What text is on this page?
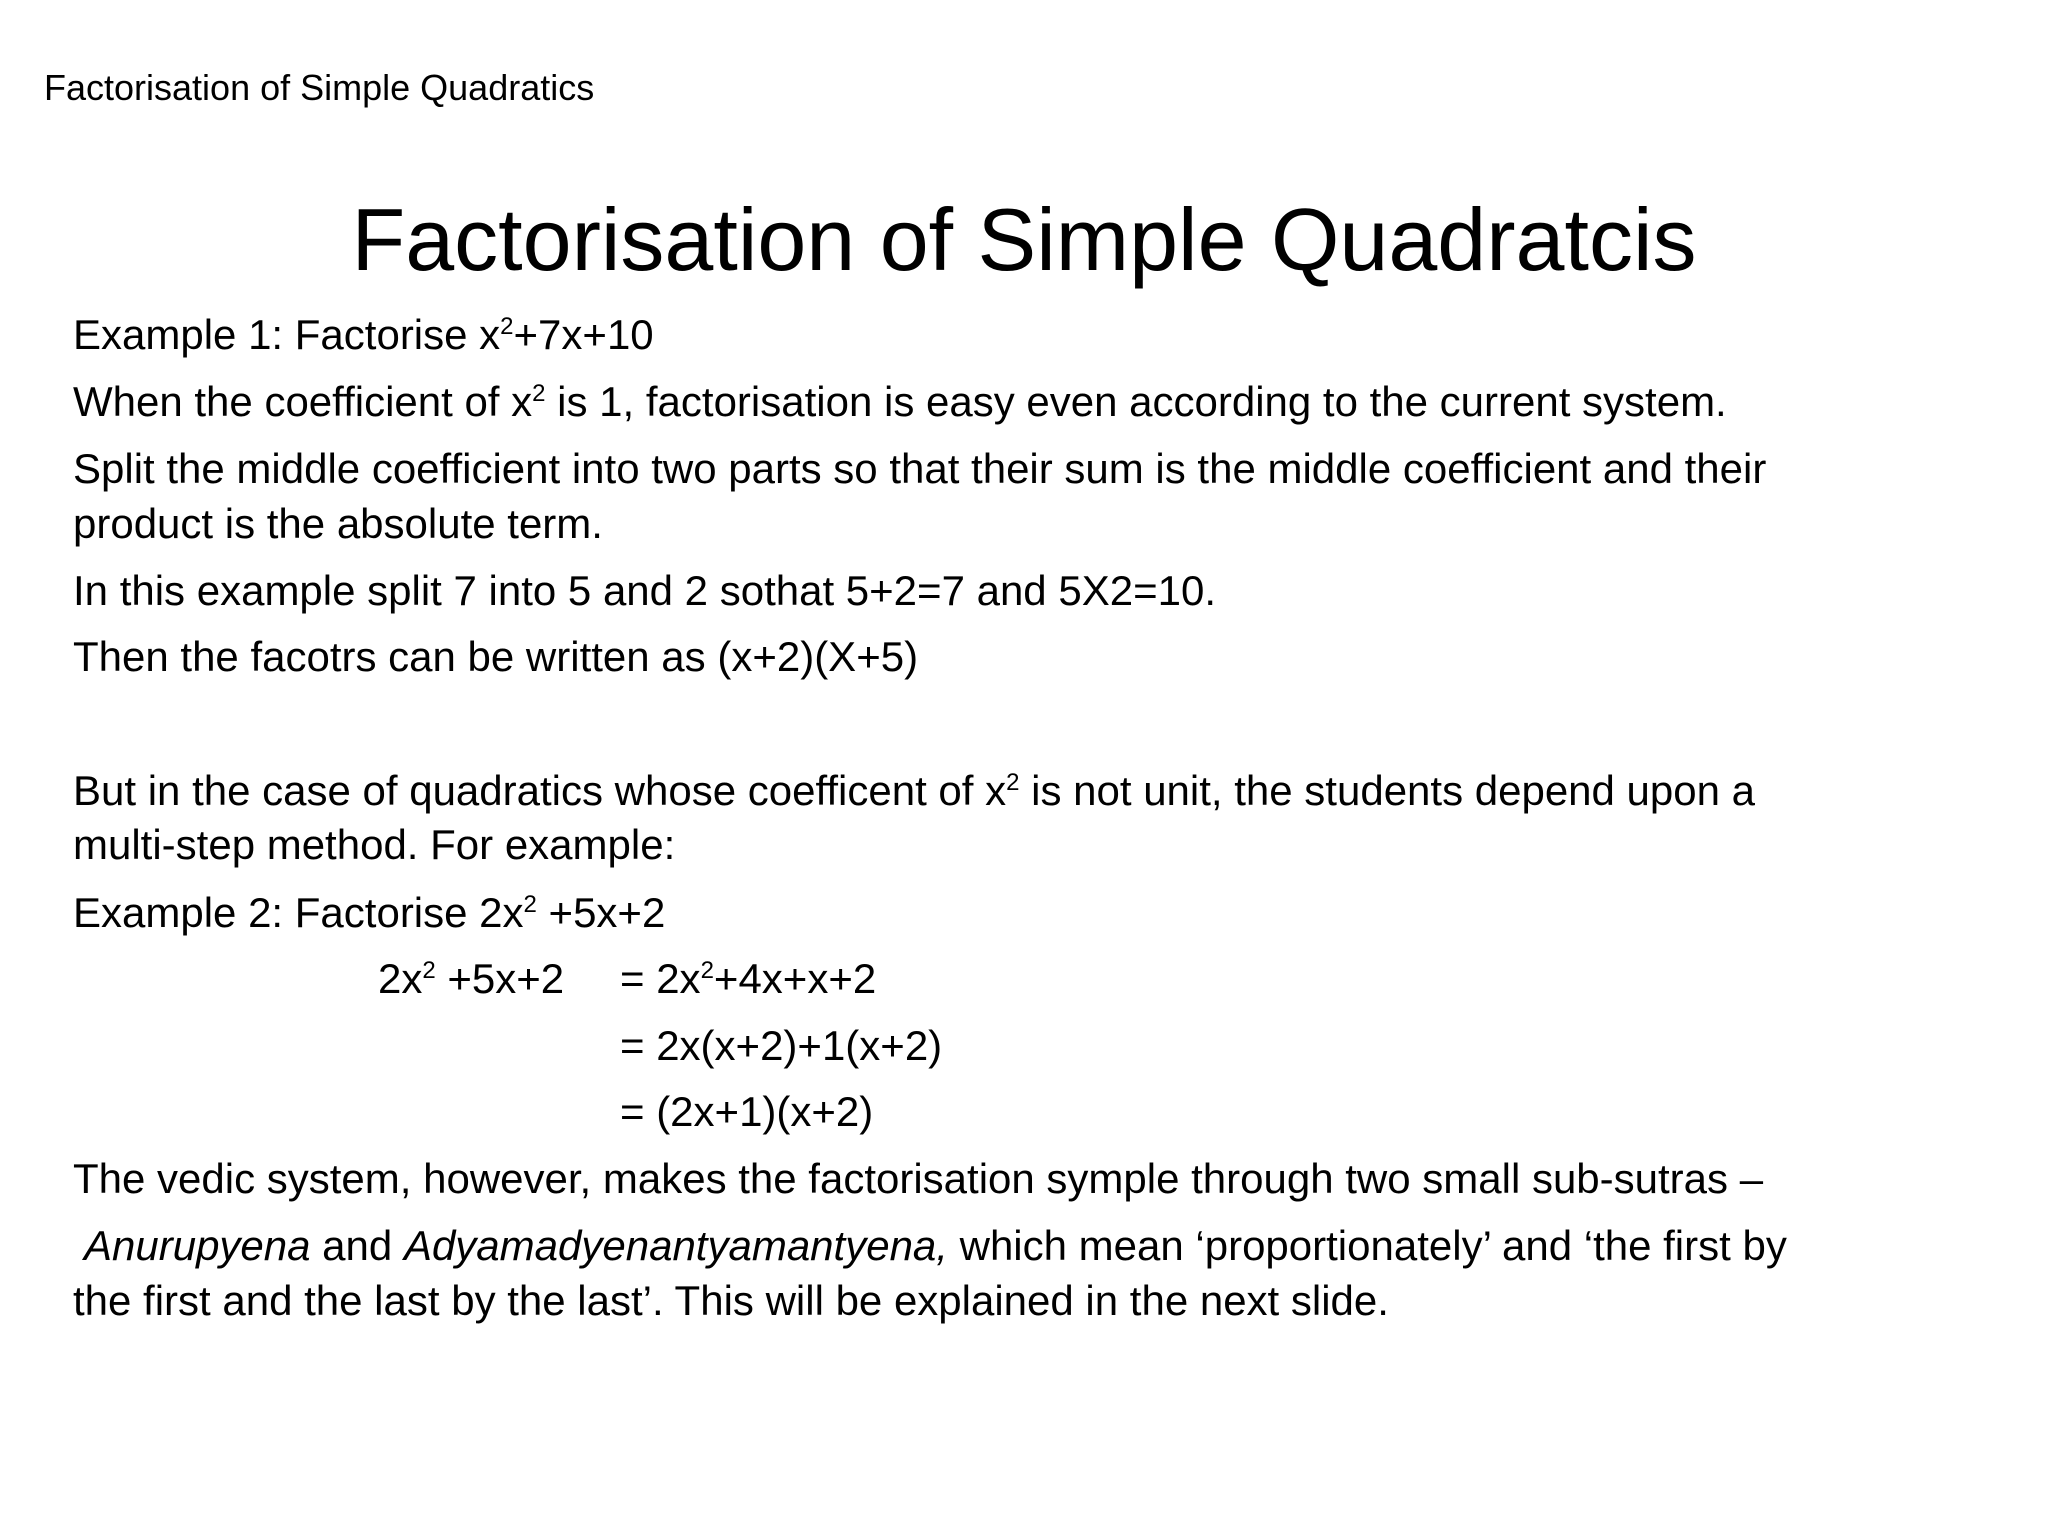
Factorisation of Simple Quadratics
Factorisation of Simple Quadratcis
Example 1: Factorise $x^2+7x+10$
When the coefficient of $x^2$ is 1, factorisation is easy even according to the current system.
Split the middle coefficient into two parts so that their sum is the middle coefficient and their
product is the absolute term.
In this example split 7 into 5 and 2 sothat 5+2=7 and 5X2=10.
Then the facotrs can be written as (x+2)(X+5)
But in the case of quadratics whose coefficent of $x^2$ is not unit, the students depend upon a
multi-step method. For example:
Example 2: Factorise $2x^2 +5x+2$
$2x^2 +5x+2 = 2x^2+4x+x+2$
= 2x(x+2)+1(x+2)
= (2x+1)(x+2)
The vedic system, however, makes the factorisation symple through two small sub-sutras –
Anurupyena and Adyamadyenantyamantyena, which mean ‘proportionately’ and ‘the first by
the first and the last by the last’. This will be explained in the next slide.
